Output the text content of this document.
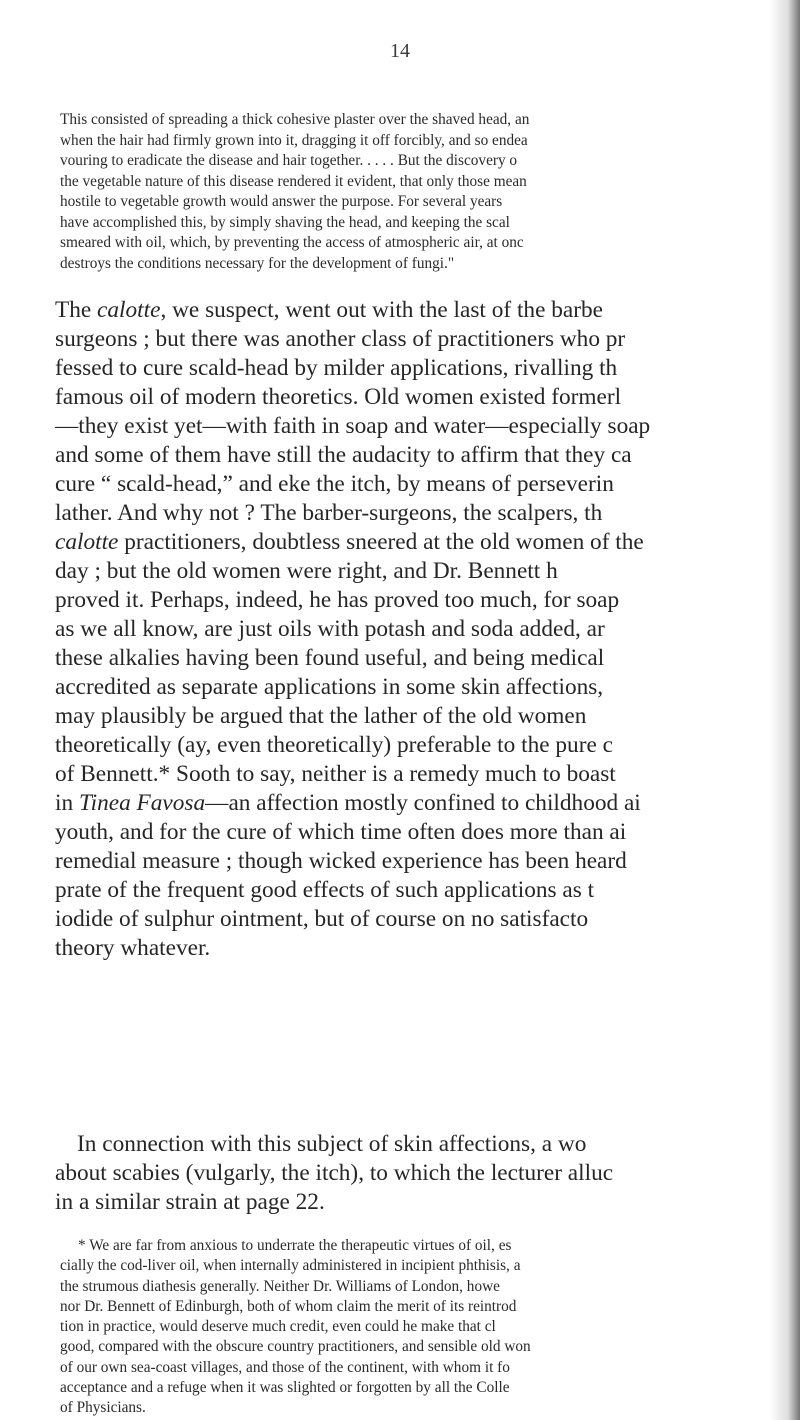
14
This consisted of spreading a thick cohesive plaster over the shaved head, an
when the hair had firmly grown into it, dragging it off forcibly, and so endea
vouring to eradicate the disease and hair together. . . . . But the discovery o
the vegetable nature of this disease rendered it evident, that only those mean
hostile to vegetable growth would answer the purpose. For several years
have accomplished this, by simply shaving the head, and keeping the scal
smeared with oil, which, by preventing the access of atmospheric air, at onc
destroys the conditions necessary for the development of fungi."
The calotte, we suspect, went out with the last of the barbe
surgeons ; but there was another class of practitioners who pr
fessed to cure scald-head by milder applications, rivalling th
famous oil of modern theoretics. Old women existed formerl
—they exist yet—with faith in soap and water—especially soap
and some of them have still the audacity to affirm that they ca
cure “ scald-head,” and eke the itch, by means of perseverin
lather. And why not ? The barber-surgeons, the scalpers, th
calotte practitioners, doubtless sneered at the old women of the
day ; but the old women were right, and Dr. Bennett h
proved it. Perhaps, indeed, he has proved too much, for soap
as we all know, are just oils with potash and soda added, ar
these alkalies having been found useful, and being medical
accredited as separate applications in some skin affections,
may plausibly be argued that the lather of the old women
theoretically (ay, even theoretically) preferable to the pure c
of Bennett.* Sooth to say, neither is a remedy much to boast
in Tinea Favosa—an affection mostly confined to childhood ai
youth, and for the cure of which time often does more than ai
remedial measure ; though wicked experience has been heard
prate of the frequent good effects of such applications as t
iodide of sulphur ointment, but of course on no satisfacto
theory whatever.
In connection with this subject of skin affections, a wo
about scabies (vulgarly, the itch), to which the lecturer alluc
in a similar strain at page 22.
* We are far from anxious to underrate the therapeutic virtues of oil, es
cially the cod-liver oil, when internally administered in incipient phthisis, a
the strumous diathesis generally. Neither Dr. Williams of London, howe
nor Dr. Bennett of Edinburgh, both of whom claim the merit of its reintrod
tion in practice, would deserve much credit, even could he make that cl
good, compared with the obscure country practitioners, and sensible old won
of our own sea-coast villages, and those of the continent, with whom it fo
acceptance and a refuge when it was slighted or forgotten by all the Colle
of Physicians.
